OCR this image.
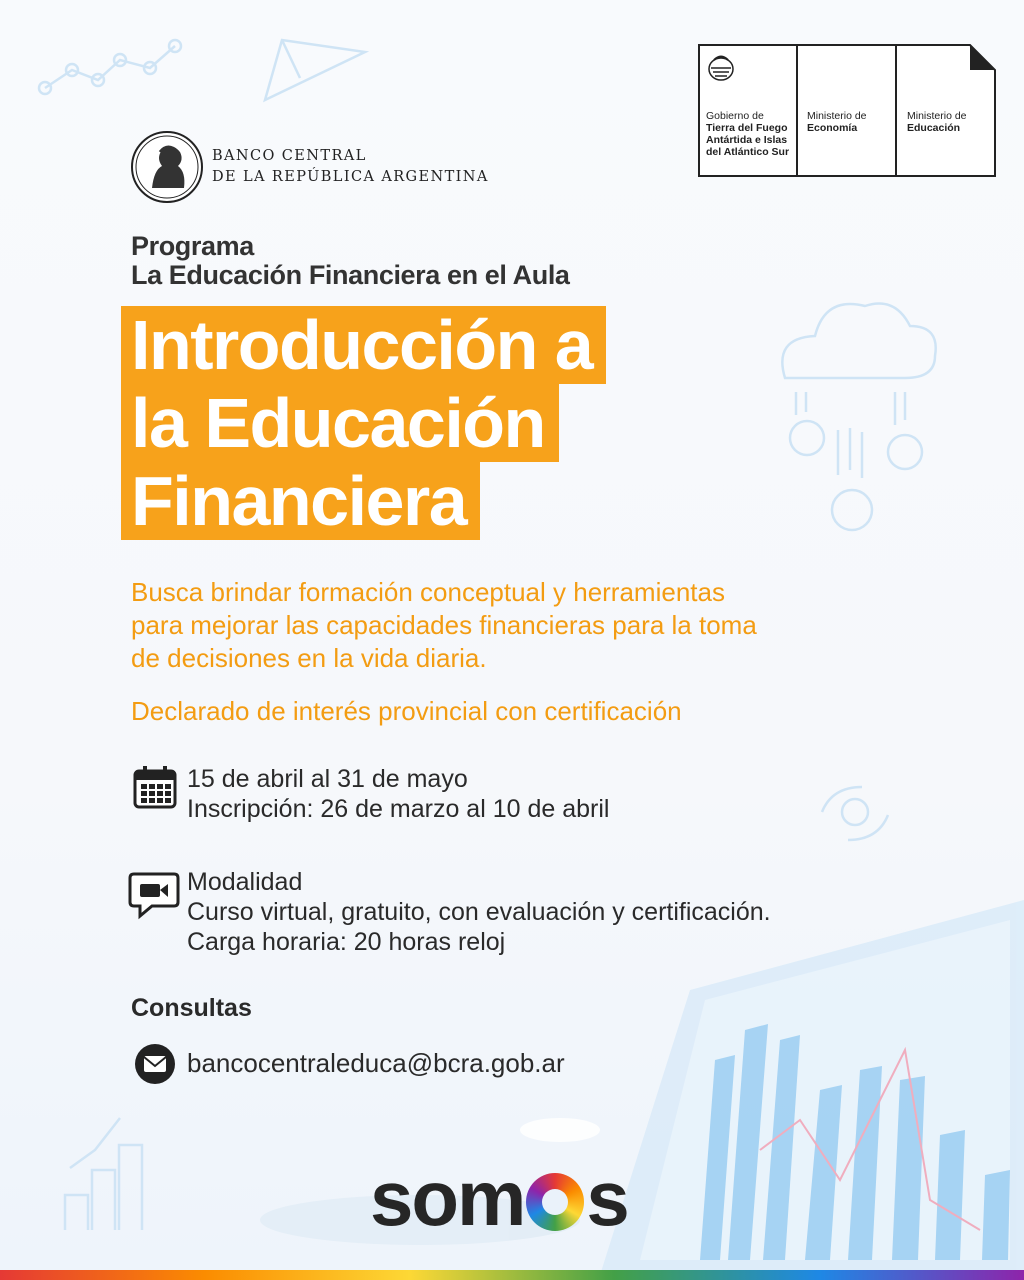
BANCO CENTRAL
DE LA REPÚBLICA ARGENTINA
Gobierno de
Tierra del Fuego
Antártida e Islas
del Atlántico Sur
Ministerio de
Economía
Ministerio de
Educación
Programa
La Educación Financiera en el Aula
Introducción a
la Educación
Financiera
Busca brindar formación conceptual y herramientas
para mejorar las capacidades financieras para la toma
de decisiones en la vida diaria.
Declarado de interés provincial con certificación
15 de abril al 31 de mayo
Inscripción: 26 de marzo al 10 de abril
Modalidad
Curso virtual, gratuito, con evaluación y certificación.
Carga horaria: 20 horas reloj
Consultas
bancocentraleduca@bcra.gob.ar
som s
